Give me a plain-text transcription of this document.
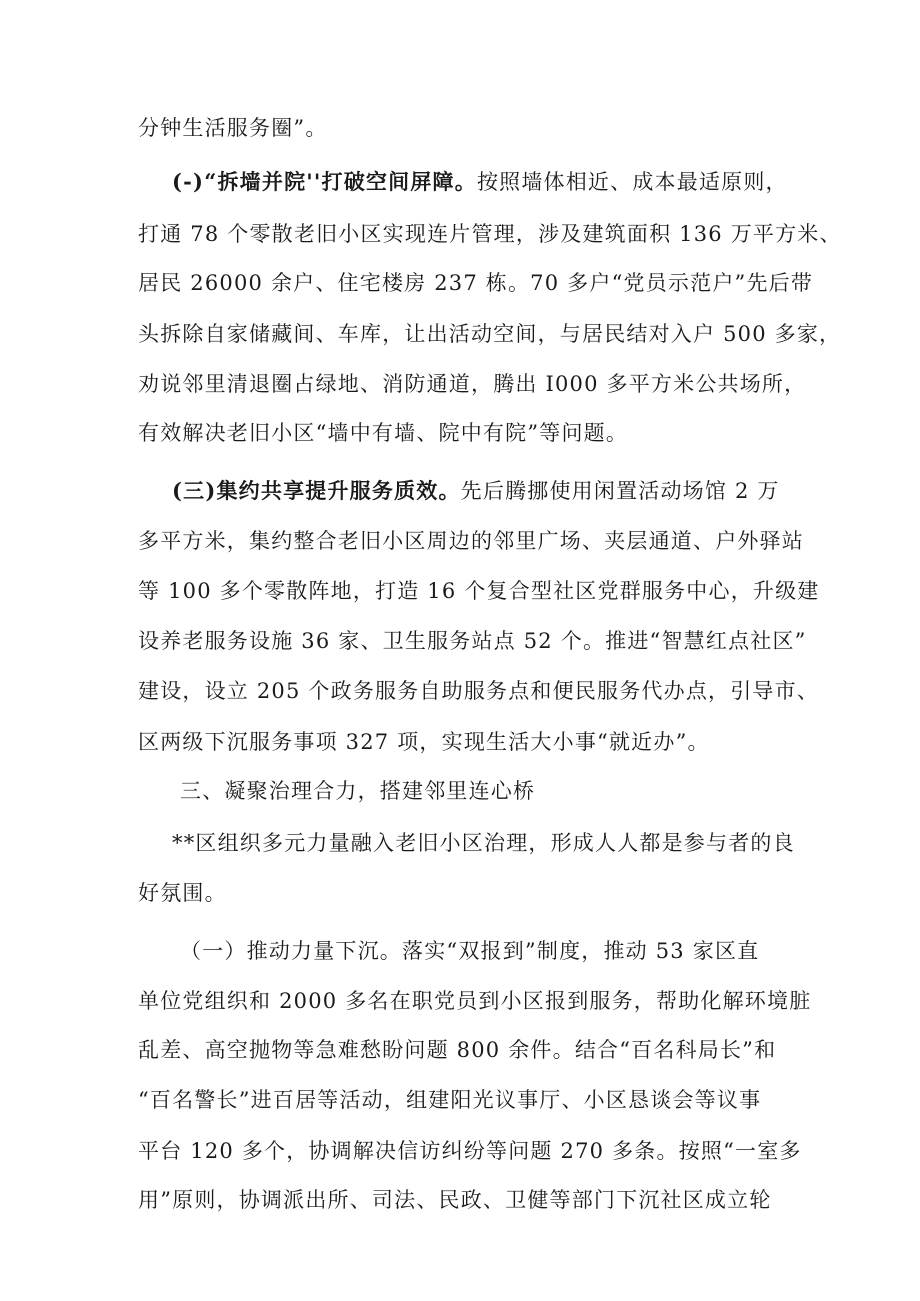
分钟生活服务圈”。
(-)“拆墙并院''打破空间屏障。按照墙体相近、成本最适原则，
打通 78 个零散老旧小区实现连片管理，涉及建筑面积 136 万平方米、
居民 26000 余户、住宅楼房 237 栋。70 多户“党员示范户”先后带
头拆除自家储藏间、车库，让出活动空间，与居民结对入户 500 多家，
劝说邻里清退圈占绿地、消防通道，腾出 I000 多平方米公共场所，
有效解决老旧小区“墙中有墙、院中有院”等问题。
(三)集约共享提升服务质效。先后腾挪使用闲置活动场馆 2 万
多平方米，集约整合老旧小区周边的邻里广场、夹层通道、户外驿站
等 100 多个零散阵地，打造 16 个复合型社区党群服务中心，升级建
设养老服务设施 36 家、卫生服务站点 52 个。推进“智慧红点社区”
建设，设立 205 个政务服务自助服务点和便民服务代办点，引导市、
区两级下沉服务事项 327 项，实现生活大小事“就近办”。
三、凝聚治理合力，搭建邻里连心桥
**区组织多元力量融入老旧小区治理，形成人人都是参与者的良
好氛围。
（一）推动力量下沉。落实“双报到”制度，推动 53 家区直
单位党组织和 2000 多名在职党员到小区报到服务，帮助化解环境脏
乱差、高空抛物等急难愁盼问题 800 余件。结合“百名科局长”和
“百名警长”进百居等活动，组建阳光议事厅、小区恳谈会等议事
平台 120 多个，协调解决信访纠纷等问题 270 多条。按照“一室多
用”原则，协调派出所、司法、民政、卫健等部门下沉社区成立轮
